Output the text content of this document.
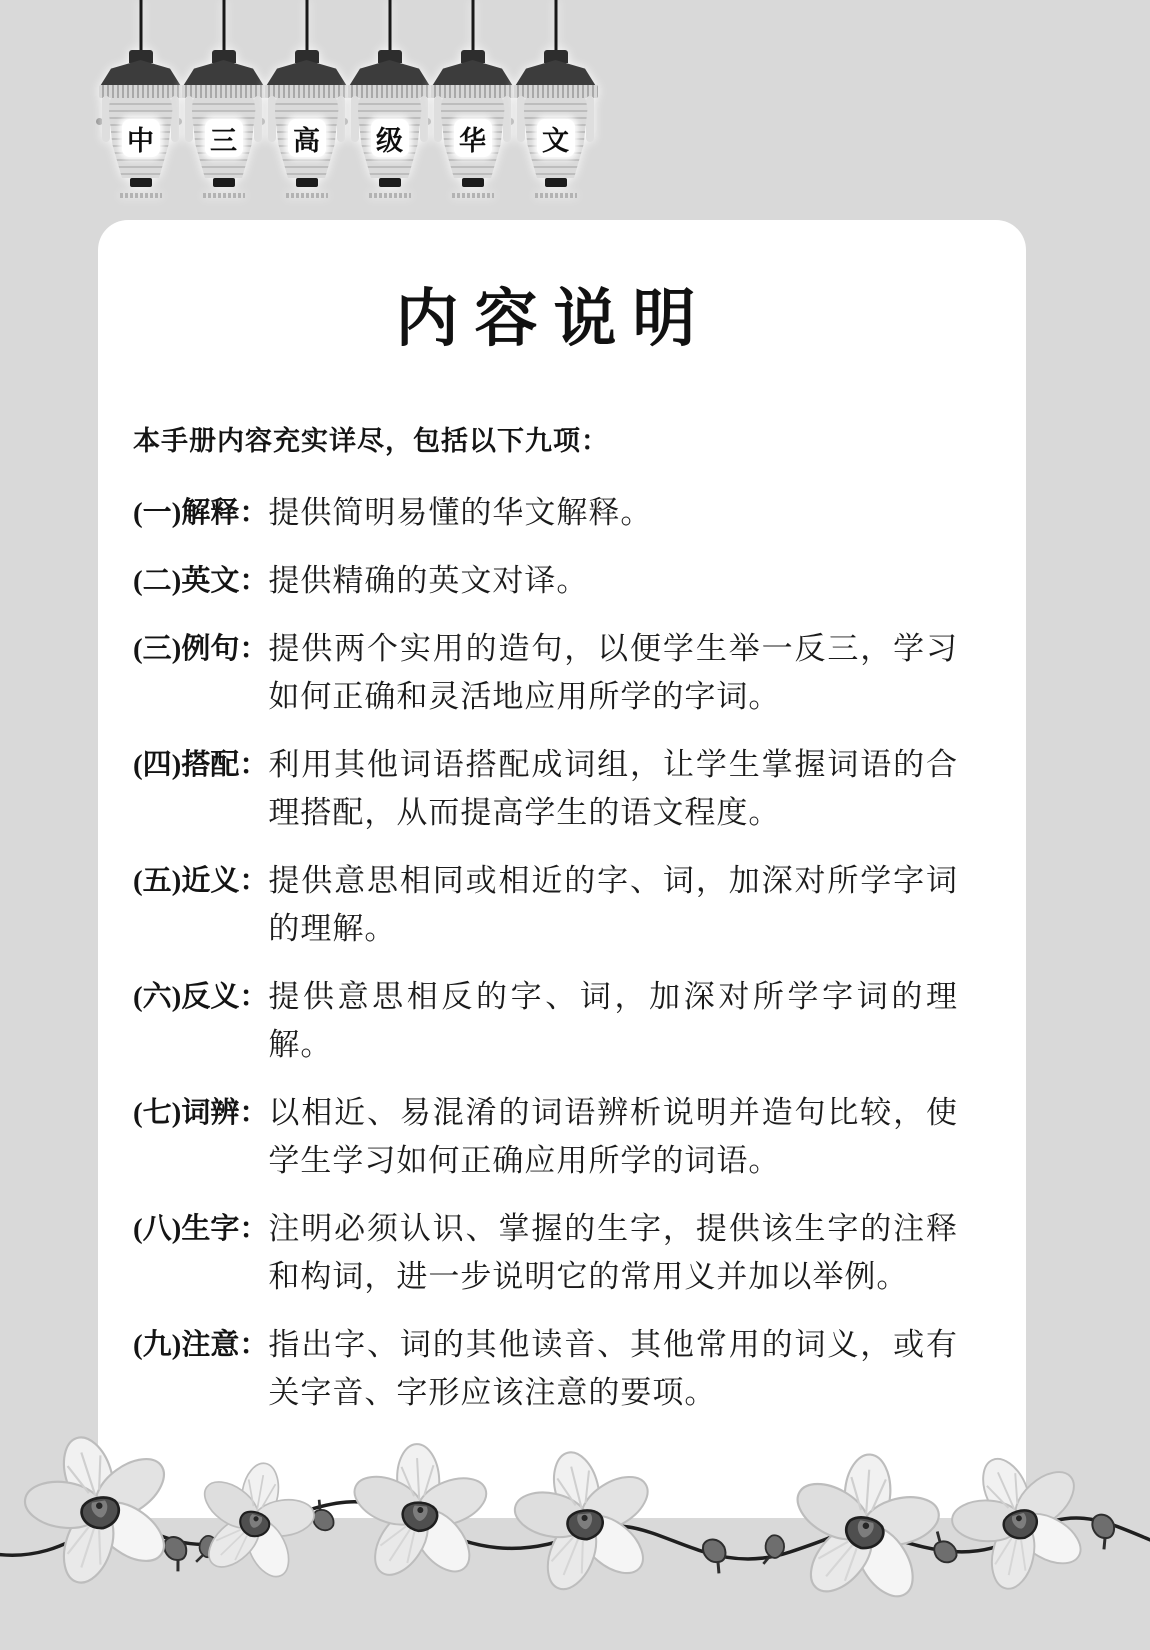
中 三 高 级 华 文
内容说明

本手册内容充实详尽，包括以下九项：

(一)解释： 提供简明易懂的华文解释。
(二)英文： 提供精确的英文对译。
(三)例句： 提供两个实用的造句，以便学生举一反三，学习如何正确和灵活地应用所学的字词。
(四)搭配： 利用其他词语搭配成词组，让学生掌握词语的合理搭配，从而提高学生的语文程度。
(五)近义： 提供意思相同或相近的字、词，加深对所学字词的理解。
(六)反义： 提供意思相反的字、词，加深对所学字词的理解。
(七)词辨： 以相近、易混淆的词语辨析说明并造句比较，使学生学习如何正确应用所学的词语。
(八)生字： 注明必须认识、掌握的生字，提供该生字的注释和构词，进一步说明它的常用义并加以举例。
(九)注意： 指出字、词的其他读音、其他常用的词义，或有关字音、字形应该注意的要项。
